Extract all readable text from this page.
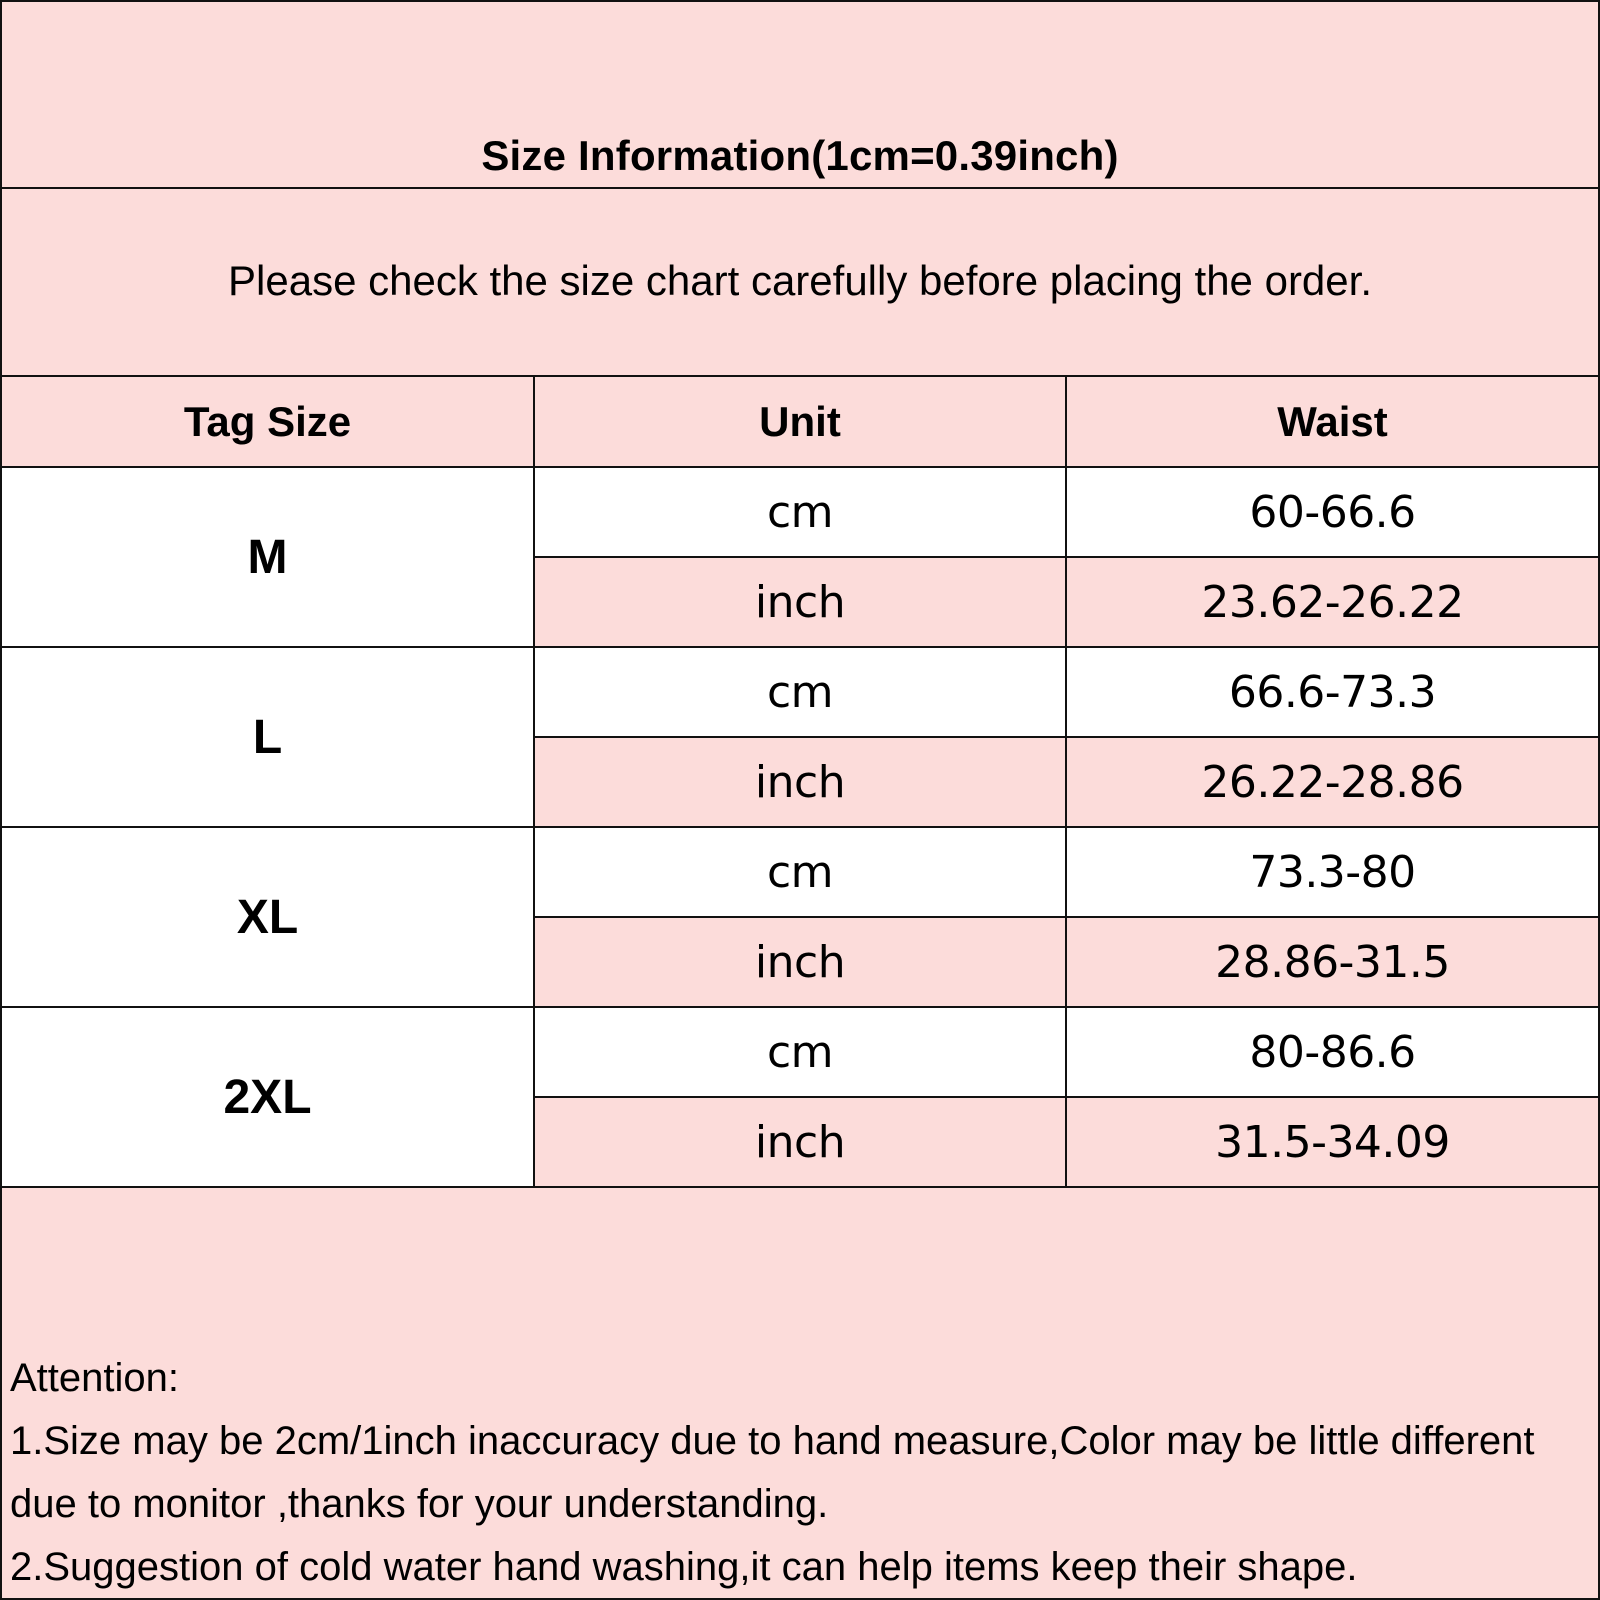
Size Information(1cm=0.39inch)
Please check the size chart carefully before placing the order.
Tag Size	Unit	Waist
M	cm	60-66.6
	inch	23.62-26.22
L	cm	66.6-73.3
	inch	26.22-28.86
XL	cm	73.3-80
	inch	28.86-31.5
2XL	cm	80-86.6
	inch	31.5-34.09

Attention:

1.Size may be 2cm/1inch inaccuracy due to hand measure,Color may be little different due to monitor ,thanks for your understanding.

2.Suggestion of cold water hand washing,it can help items keep their shape.
